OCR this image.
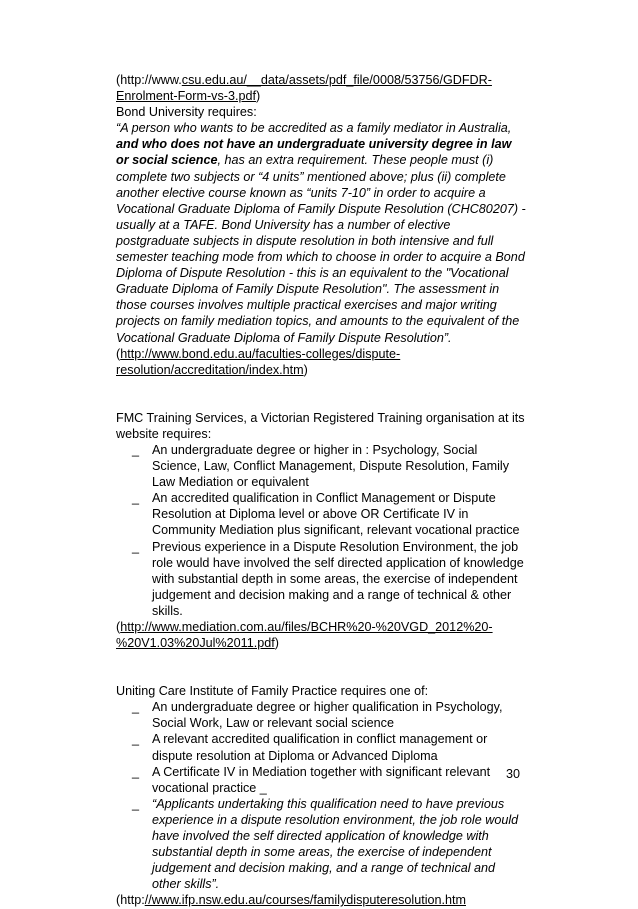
(http://www.csu.edu.au/__data/assets/pdf_file/0008/53756/GDFDR-Enrolment-Form-vs-3.pdf)

Bond University requires:

“A person who wants to be accredited as a family mediator in Australia, and who does not have an undergraduate university degree in law or social science, has an extra requirement. These people must (i) complete two subjects or “4 units” mentioned above; plus (ii) complete another elective course known as “units 7-10” in order to acquire a Vocational Graduate Diploma of Family Dispute Resolution (CHC80207) - usually at a TAFE. Bond University has a number of elective postgraduate subjects in dispute resolution in both intensive and full semester teaching mode from which to choose in order to acquire a Bond Diploma of Dispute Resolution - this is an equivalent to the "Vocational Graduate Diploma of Family Dispute Resolution". The assessment in those courses involves multiple practical exercises and major writing projects on family mediation topics, and amounts to the equivalent of the Vocational Graduate Diploma of Family Dispute Resolution”.

(http://www.bond.edu.au/faculties-colleges/dispute-resolution/accreditation/index.htm)

FMC Training Services, a Victorian Registered Training organisation at its website requires:

_ An undergraduate degree or higher in : Psychology, Social Science, Law, Conflict Management, Dispute Resolution, Family Law Mediation or equivalent
_ An accredited qualification in Conflict Management or Dispute Resolution at Diploma level or above OR Certificate IV in Community Mediation plus significant, relevant vocational practice
_ Previous experience in a Dispute Resolution Environment, the job role would have involved the self directed application of knowledge with substantial depth in some areas, the exercise of independent judgement and decision making and a range of technical & other skills.

(http://www.mediation.com.au/files/BCHR%20-%20VGD_2012%20-%20V1.03%20Jul%2011.pdf)

Uniting Care Institute of Family Practice requires one of:

_ An undergraduate degree or higher qualification in Psychology, Social Work, Law or relevant social science
_ A relevant accredited qualification in conflict management or dispute resolution at Diploma or Advanced Diploma
_ A Certificate IV in Mediation together with significant relevant vocational practice _
_ “Applicants undertaking this qualification need to have previous experience in a dispute resolution environment, the job role would have involved the self directed application of knowledge with substantial depth in some areas, the exercise of independent judgement and decision making, and a range of technical and other skills”.

(http://www.ifp.nsw.edu.au/courses/familydisputeresolution.htm

30
